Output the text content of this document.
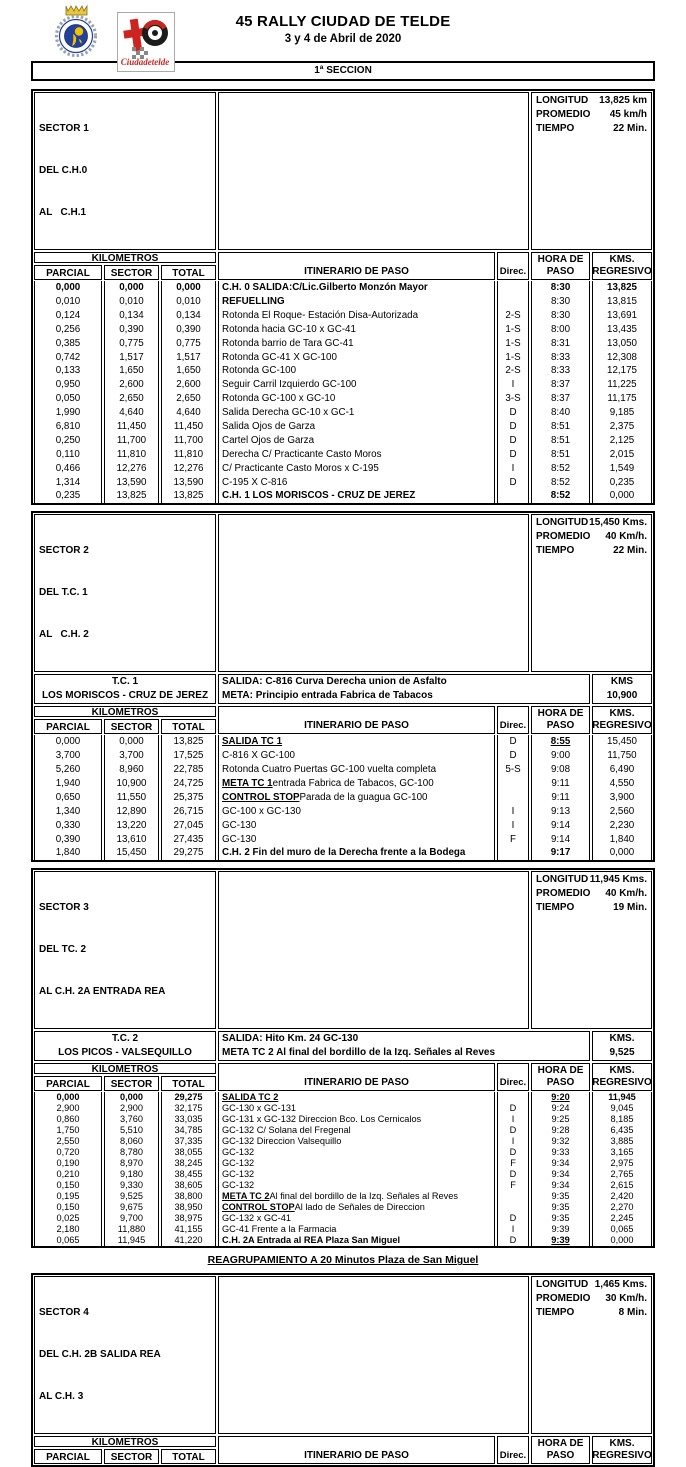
Ciudadetelde
45 RALLY CIUDAD DE TELDE
3 y 4 de Abril de 2020
1ª SECCION

SECTOR 1

DEL C.H.0

AL   C.H.1

LONGITUD 13,825 km
PROMEDIO 45 km/h
TIEMPO	22 Min.
KILOMETROS
PARCIAL	SECTOR	TOTAL	ITINERARIO DE PASO	Direc.
HORA DE
PASO
KMS.
REGRESIVO
0,000	0,000	0,000	C.H. 0 SALIDA:C/Lic.Gilberto Monzón Mayor	8:30	13,825
0,010	0,010	0,010	REFUELLING	8:30	13,815
0,124	0,134	0,134	Rotonda El Roque- Estación Disa-Autorizada	2-S	8:30	13,691
0,256	0,390	0,390	Rotonda hacia GC-10 x GC-41	1-S	8:00	13,435
0,385	0,775	0,775	Rotonda barrio de Tara GC-41	1-S	8:31	13,050
0,742	1,517	1,517	Rotonda GC-41 X GC-100	1-S	8:33	12,308
0,133	1,650	1,650	Rotonda GC-100	2-S	8:33	12,175
0,950	2,600	2,600	Seguir Carril Izquierdo GC-100	I	8:37	11,225
0,050	2,650	2,650	Rotonda GC-100 x GC-10	3-S	8:37	11,175
1,990	4,640	4,640	Salida Derecha GC-10 x GC-1	D	8:40	9,185
6,810	11,450	11,450	Salida Ojos de Garza	D	8:51	2,375
0,250	11,700	11,700	Cartel Ojos de Garza	D	8:51	2,125
0,110	11,810	11,810	Derecha C/ Practicante Casto Moros	D	8:51	2,015
0,466	12,276	12,276	C/ Practicante Casto Moros x C-195	I	8:52	1,549
1,314	13,590	13,590	C-195 X C-816	D	8:52	0,235
0,235	13,825	13,825	C.H. 1 LOS MORISCOS - CRUZ DE JEREZ	8:52	0,000

SECTOR 2

DEL T.C. 1

AL   C.H. 2

LONGITUD 15,450 Kms.
PROMEDIO 40 Km/h.
TIEMPO	22 Min.
T.C. 1
LOS MORISCOS - CRUZ DE JEREZ
SALIDA: C-816 Curva Derecha union de Asfalto
META: Principio entrada Fabrica de Tabacos
KMS
10,900
KILOMETROS
PARCIAL	SECTOR	TOTAL	ITINERARIO DE PASO	Direc.
HORA DE
PASO
KMS.
REGRESIVO
0,000	0,000	13,825	SALIDA TC 1	D	8:55	15,450
3,700	3,700	17,525	C-816 X GC-100	D	9:00	11,750
5,260	8,960	22,785	Rotonda Cuatro Puertas GC-100 vuelta completa	5-S	9:08	6,490
1,940	10,900	24,725	META TC 1 entrada Fabrica de Tabacos, GC-100	9:11	4,550
0,650	11,550	25,375	CONTROL STOP Parada de la guagua GC-100	9:11	3,900
1,340	12,890	26,715	GC-100 x GC-130	I	9:13	2,560
0,330	13,220	27,045	GC-130	I	9:14	2,230
0,390	13,610	27,435	GC-130	F	9:14	1,840
1,840	15,450	29,275	C.H. 2 Fin del muro de la Derecha frente a la Bodega	9:17	0,000

SECTOR 3

DEL TC. 2

AL C.H. 2A ENTRADA REA

LONGITUD 11,945 Kms.
PROMEDIO 40 Km/h.
TIEMPO	19 Min.
T.C. 2
LOS PICOS - VALSEQUILLO
SALIDA: Hito Km. 24 GC-130
META TC 2 Al final del bordillo de la Izq. Señales al Reves
KMS.
9,525
KILOMETROS
PARCIAL	SECTOR	TOTAL	ITINERARIO DE PASO	Direc.
HORA DE
PASO
KMS.
REGRESIVO
0,000	0,000	29,275	SALIDA TC 2	9:20	11,945
2,900	2,900	32,175	GC-130 x GC-131	D	9:24	9,045
0,860	3,760	33,035	GC-131 x GC-132 Direccion Bco. Los Cernicalos	I	9:25	8,185
1,750	5,510	34,785	GC-132 C/ Solana del Fregenal	D	9:28	6,435
2,550	8,060	37,335	GC-132 Direccion Valsequillo	I	9:32	3,885
0,720	8,780	38,055	GC-132	D	9:33	3,165
0,190	8,970	38,245	GC-132	F	9:34	2,975
0,210	9,180	38,455	GC-132	D	9:34	2,765
0,150	9,330	38,605	GC-132	F	9:34	2,615
0,195	9,525	38,800	META TC 2 Al final del bordillo de la Izq. Señales al Reves	9:35	2,420
0,150	9,675	38,950	CONTROL STOP Al lado de Señales de Direccion	9:35	2,270
0,025	9,700	38,975	GC-132 x GC-41	D	9:35	2,245
2,180	11,880	41,155	GC-41 Frente a la Farmacia	I	9:39	0,065
0,065	11,945	41,220	C.H. 2A Entrada al REA Plaza San Miguel	D	9:39	0,000
REAGRUPAMIENTO A 20 Minutos Plaza de San Miguel

SECTOR 4

DEL C.H. 2B SALIDA REA

AL C.H. 3

LONGITUD 1,465 Kms.
PROMEDIO 30 Km/h.
TIEMPO	8 Min.
KILOMETROS
PARCIAL	SECTOR	TOTAL	ITINERARIO DE PASO	Direc.
HORA DE
PASO
KMS.
REGRESIVO
